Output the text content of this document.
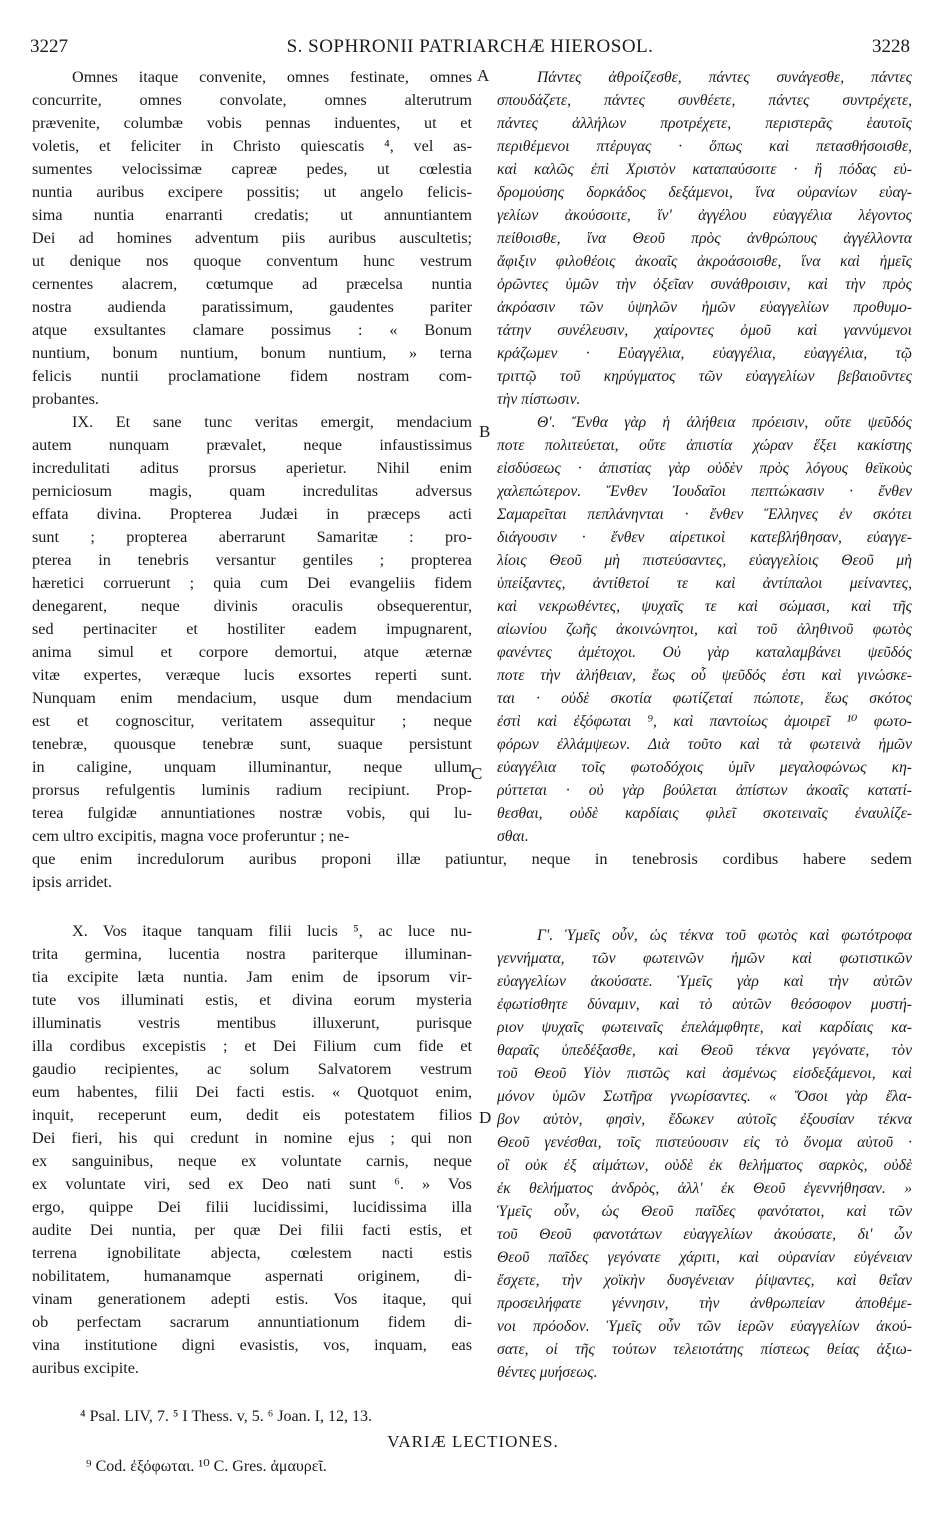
3227	S. SOPHRONII PATRIARCHÆ HIEROSOL.	3228
Omnes itaque convenite, omnes festinate, omnes
concurrite, omnes convolate, omnes alterutrum
prævenite, columbæ vobis pennas induentes, ut et
voletis, et feliciter in Christo quiescatis ⁴, vel as-
sumentes velocissimæ capreæ pedes, ut cœlestia
nuntia auribus excipere possitis; ut angelo felicis-
sima nuntia enarranti credatis; ut annuntiantem
Dei ad homines adventum piis auribus auscultetis;
ut denique nos quoque conventum hunc vestrum
cernentes alacrem, cœtumque ad præcelsa nuntia
nostra audienda paratissimum, gaudentes pariter
atque exsultantes clamare possimus : « Bonum
nuntium, bonum nuntium, bonum nuntium, » terna
felicis nuntii proclamatione fidem nostram com-
probantes.
IX. Et sane tunc veritas emergit, mendacium
autem nunquam prævalet, neque infaustissimus
incredulitati aditus prorsus aperietur. Nihil enim
perniciosum magis, quam incredulitas adversus
effata divina. Propterea Judæi in præceps acti
sunt ; propterea aberrarunt Samaritæ : pro-
pterea in tenebris versantur gentiles ; propterea
hæretici corruerunt ; quia cum Dei evangeliis fidem
denegarent, neque divinis oraculis obsequerentur,
sed pertinaciter et hostiliter eadem impugnarent,
anima simul et corpore demortui, atque æternæ
vitæ expertes, veræque lucis exsortes reperti sunt.
Nunquam enim mendacium, usque dum mendacium
est et cognoscitur, veritatem assequitur ; neque
tenebræ, quousque tenebræ sunt, suaque persistunt
in caligine, unquam illuminantur, neque ullum
prorsus refulgentis luminis radium recipiunt. Prop-
terea fulgidæ annuntiationes nostræ vobis, qui lu-
cem ultro excipitis, magna voce proferuntur ; ne-
Πάντες ἀθροίζεσθε, πάντες συνάγεσθε, πάντες
σπουδάζετε, πάντες συνθέετε, πάντες συντρέχετε,
πάντες ἀλλήλων προτρέχετε, περιστερᾶς ἑαυτοῖς
περιθέμενοι πτέρυγας · ὅπως καὶ πετασθήσοισθε,
καὶ καλῶς ἐπὶ Χριστὸν καταπαύσοιτε · ἢ πόδας εὐ-
δρομούσης δορκάδος δεξάμενοι, ἵνα οὐρανίων εὐαγ-
γελίων ἀκούσοιτε, ἵν' ἀγγέλου εὐαγγέλια λέγοντος
πείθοισθε, ἵνα Θεοῦ πρὸς ἀνθρώπους ἀγγέλλοντα
ἄφιξιν φιλοθέοις ἀκοαῖς ἀκροάσοισθε, ἵνα καὶ ἡμεῖς
ὁρῶντες ὑμῶν τὴν ὀξεῖαν συνάθροισιν, καὶ τὴν πρὸς
ἀκρόασιν τῶν ὑψηλῶν ἡμῶν εὐαγγελίων προθυμο-
τάτην συνέλευσιν, χαίροντες ὁμοῦ καὶ γαννύμενοι
κράζωμεν · Εὐαγγέλια, εὐαγγέλια, εὐαγγέλια, τῷ
τριττῷ τοῦ κηρύγματος τῶν εὐαγγελίων βεβαιοῦντες
τὴν πίστωσιν.
Θ'. Ἔνθα γὰρ ἡ ἀλήθεια πρόεισιν, οὔτε ψεῦδός
ποτε πολιτεύεται, οὔτε ἀπιστία χώραν ἕξει κακίστης
εἰσδύσεως · ἀπιστίας γὰρ οὐδὲν πρὸς λόγους θεϊκοὺς
χαλεπώτερον. Ἔνθεν Ἰουδαῖοι πεπτώκασιν · ἔνθεν
Σαμαρεῖται πεπλάνηνται · ἔνθεν Ἕλληνες ἐν σκότει
διάγουσιν · ἔνθεν αἱρετικοὶ κατεβλήθησαν, εὐαγγε-
λίοις Θεοῦ μὴ πιστεύσαντες, εὐαγγελίοις Θεοῦ μὴ
ὑπείξαντες, ἀντίθετοί τε καὶ ἀντίπαλοι μείναντες,
καὶ νεκρωθέντες, ψυχαῖς τε καὶ σώμασι, καὶ τῆς
αἰωνίου ζωῆς ἀκοινώνητοι, καὶ τοῦ ἀληθινοῦ φωτὸς
φανέντες ἀμέτοχοι. Οὐ γὰρ καταλαμβάνει ψεῦδός
ποτε τὴν ἀλήθειαν, ἕως οὗ ψεῦδός ἐστι καὶ γινώσκε-
ται · οὐδὲ σκοτία φωτίζεταί πώποτε, ἕως σκότος
ἐστὶ καὶ ἐξόφωται ⁹, καὶ παντοίως ἀμοιρεῖ ¹⁰ φωτο-
φόρων ἐλλάμψεων. Διὰ τοῦτο καὶ τὰ φωτεινὰ ἡμῶν
εὐαγγέλια τοῖς φωτοδόχοις ὑμῖν μεγαλοφώνως κη-
ρύττεται · οὐ γὰρ βούλεται ἀπίστων ἀκοαῖς κατατί-
θεσθαι, οὐδὲ καρδίαις φιλεῖ σκοτειναῖς ἐναυλίζε-
σθαι.
que enim incredulorum auribus proponi illæ patiuntur, neque in tenebrosis cordibus habere sedem
ipsis arridet.
X. Vos itaque tanquam filii lucis ⁵, ac luce nu-
trita germina, lucentia nostra pariterque illuminan-
tia excipite læta nuntia. Jam enim de ipsorum vir-
tute vos illuminati estis, et divina eorum mysteria
illuminatis vestris mentibus illuxerunt, purisque
illa cordibus excepistis ; et Dei Filium cum fide et
gaudio recipientes, ac solum Salvatorem vestrum
eum habentes, filii Dei facti estis. « Quotquot enim,
inquit, receperunt eum, dedit eis potestatem filios
Dei fieri, his qui credunt in nomine ejus ; qui non
ex sanguinibus, neque ex voluntate carnis, neque
ex voluntate viri, sed ex Deo nati sunt ⁶. » Vos
ergo, quippe Dei filii lucidissimi, lucidissima illa
audite Dei nuntia, per quæ Dei filii facti estis, et
terrena ignobilitate abjecta, cœlestem nacti estis
nobilitatem, humanamque aspernati originem, di-
vinam generationem adepti estis. Vos itaque, qui
ob perfectam sacrarum annuntiationum fidem di-
vina institutione digni evasistis, vos, inquam, eas
auribus excipite.
Γ'. Ὑμεῖς οὖν, ὡς τέκνα τοῦ φωτὸς καὶ φωτότροφα
γεννήματα, τῶν φωτεινῶν ἡμῶν καὶ φωτιστικῶν
εὐαγγελίων ἀκούσατε. Ὑμεῖς γὰρ καὶ τὴν αὐτῶν
ἐφωτίσθητε δύναμιν, καὶ τὸ αὐτῶν θεόσοφον μυστή-
ριον ψυχαῖς φωτειναῖς ἐπελάμφθητε, καὶ καρδίαις κα-
θαραῖς ὑπεδέξασθε, καὶ Θεοῦ τέκνα γεγόνατε, τὸν
τοῦ Θεοῦ Υἱὸν πιστῶς καὶ ἀσμένως εἰσδεξάμενοι, καὶ
μόνον ὑμῶν Σωτῆρα γνωρίσαντες. « Ὅσοι γὰρ ἔλα-
βον αὐτὸν, φησὶν, ἔδωκεν αὐτοῖς ἐξουσίαν τέκνα
Θεοῦ γενέσθαι, τοῖς πιστεύουσιν εἰς τὸ ὄνομα αὐτοῦ ·
οἳ οὐκ ἐξ αἱμάτων, οὐδὲ ἐκ θελήματος σαρκὸς, οὐδὲ
ἐκ θελήματος ἀνδρὸς, ἀλλ' ἐκ Θεοῦ ἐγεννήθησαν. »
Ὑμεῖς οὖν, ὡς Θεοῦ παῖδες φανότατοι, καὶ τῶν
τοῦ Θεοῦ φανοτάτων εὐαγγελίων ἀκούσατε, δι' ὧν
Θεοῦ παῖδες γεγόνατε χάριτι, καὶ οὐρανίαν εὐγένειαν
ἔσχετε, τὴν χοϊκὴν δυσγένειαν ῥίψαντες, καὶ θεΐαν
προσειλήφατε γέννησιν, τὴν ἀνθρωπείαν ἀποθέμε-
νοι πρόοδον. Ὑμεῖς οὖν τῶν ἱερῶν εὐαγγελίων ἀκού-
σατε, οἱ τῆς τούτων τελειοτάτης πίστεως θείας ἀξιω-
θέντες μυήσεως.
A
B
C
D
⁴ Psal. LIV, 7. ⁵ I Thess. v, 5. ⁶ Joan. I, 12, 13.
VARIÆ LECTIONES.
⁹ Cod. ἐξόφωται. ¹⁰ C. Gres. ἀμαυρεῖ.
